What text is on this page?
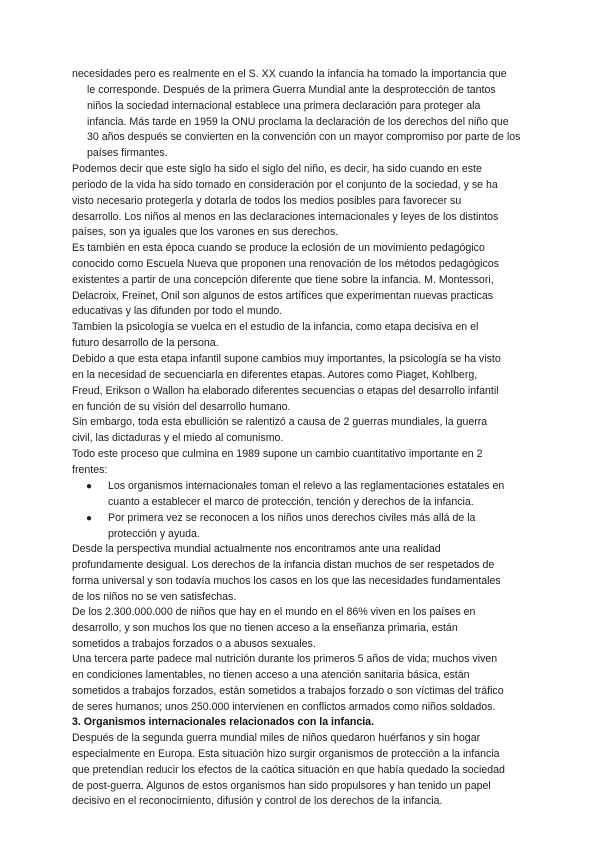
necesidades pero es realmente en el S. XX cuando la infancia ha tomado la importancia que
le corresponde. Después de la primera Guerra Mundial ante la desprotección de tantos
niños la sociedad internacional establece una primera declaración para proteger ala
infancia. Más tarde en 1959 la ONU proclama la declaración de los derechos del niño que
30 años después se convierten en la convención con un mayor compromiso por parte de los
países firmantes.
Podemos decir que este siglo ha sido el siglo del niño, es decir, ha sido cuando en este
periodo de la vida ha sido tomado en consideración por el conjunto de la sociedad, y se ha
visto necesario protegerla y dotarla de todos los medios posibles para favorecer su
desarrollo. Los niños al menos en las declaraciones internacionales y leyes de los distintos
países, son ya iguales que los varones en sus derechos.
Es también en esta época cuando se produce la eclosión de un movimiento pedagógico
conocido como Escuela Nueva que proponen una renovación de los métodos pedagógicos
existentes a partir de una concepción diferente que tiene sobre la infancia. M. Montessori,
Delacroix, Freinet, Onil son algunos de estos artífices que experimentan nuevas practicas
educativas y las difunden por todo el mundo.
Tambien la psicología se vuelca en el estudio de la infancia, como etapa decisiva en el
futuro desarrollo de la persona.
Debido a que esta etapa infantil supone cambios muy importantes, la psicología se ha visto
en la necesidad de secuenciarla en diferentes etapas. Autores como Piaget, Kohlberg,
Freud, Erikson o Wallon ha elaborado diferentes secuencias o etapas del desarrollo infantil
en función de su visión del desarrollo humano.
Sin embargo, toda esta ebullición se ralentizó a causa de 2 guerras mundiales, la guerra
civil, las dictaduras y el miedo al comunismo.
Todo este proceso que culmina en 1989 supone un cambio cuantitativo importante en 2
frentes:
● Los organismos internacionales toman el relevo a las reglamentaciones estatales en
cuanto a establecer el marco de protección, tención y derechos de la infancia.
● Por primera vez se reconocen a los niños unos derechos civiles más allá de la
protección y ayuda.
Desde la perspectiva mundial actualmente nos encontramos ante una realidad
profundamente desigual. Los derechos de la infancia distan muchos de ser respetados de
forma universal y son todavía muchos los casos en los que las necesidades fundamentales
de los niños no se ven satisfechas.
De los 2.300.000.000 de niños que hay en el mundo en el 86% viven en los países en
desarrollo, y son muchos los que no tienen acceso a la enseñanza primaria, están
sometidos a trabajos forzados o a abusos sexuales.
Una tercera parte padece mal nutrición durante los primeros 5 años de vida; muchos viven
en condiciones lamentables, no tienen acceso a una atención sanitaria básica, están
sometidos a trabajos forzados, están sometidos a trabajos forzado o son víctimas del tráfico
de seres humanos; unos 250.000 intervienen en conflictos armados como niños soldados.
3. Organismos internacionales relacionados con la infancia.
Después de la segunda guerra mundial miles de niños quedaron huérfanos y sin hogar
especialmente en Europa. Esta situación hizo surgir organismos de protección a la infancia
que pretendían reducir los efectos de la caótica situación en que había quedado la sociedad
de post-guerra. Algunos de estos organismos han sido propulsores y han tenido un papel
decisivo en el reconocimiento, difusión y control de los derechos de la infancia.
